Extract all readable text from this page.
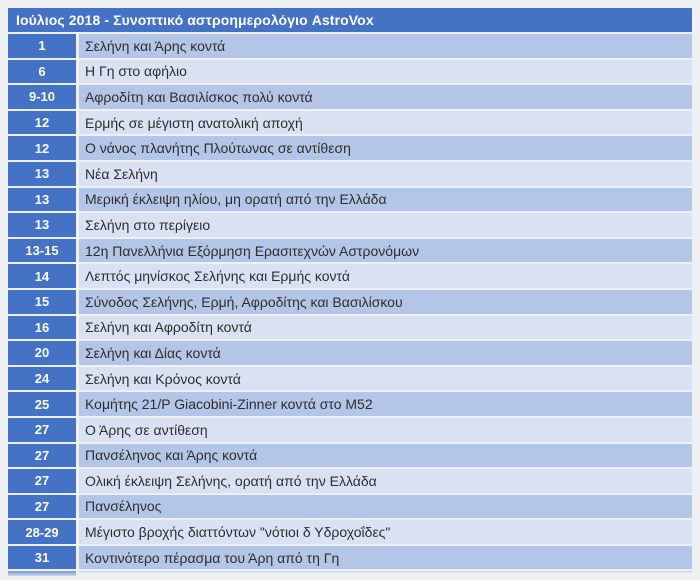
Ιούλιος 2018 - Συνοπτικό αστροημερολόγιο AstroVox
1	Σελήνη και Άρης κοντά
6	Η Γη στο αφήλιο
9-10	Αφροδίτη και Βασιλίσκος πολύ κοντά
12	Ερμής σε μέγιστη ανατολική αποχή
12	Ο νάνος πλανήτης Πλούτωνας σε αντίθεση
13	Νέα Σελήνη
13	Μερική έκλειψη ηλίου, μη ορατή από την Ελλάδα
13	Σελήνη στο περίγειο
13-15	12η Πανελλήνια Εξόρμηση Ερασιτεχνών Αστρονόμων
14	Λεπτός μηνίσκος Σελήνης και Ερμής κοντά
15	Σύνοδος Σελήνης, Ερμή, Αφροδίτης και Βασιλίσκου
16	Σελήνη και Αφροδίτη κοντά
20	Σελήνη και Δίας κοντά
24	Σελήνη και Κρόνος κοντά
25	Κομήτης 21/P Giacobini-Zinner κοντά στο M52
27	Ο Άρης σε αντίθεση
27	Πανσέληνος και Άρης κοντά
27	Ολική έκλειψη Σελήνης, ορατή από την Ελλάδα
27	Πανσέληνος
28-29	Μέγιστο βροχής διαττόντων "νότιοι δ Υδροχοΐδες"
31	Κοντινότερο πέρασμα του Άρη από τη Γη
